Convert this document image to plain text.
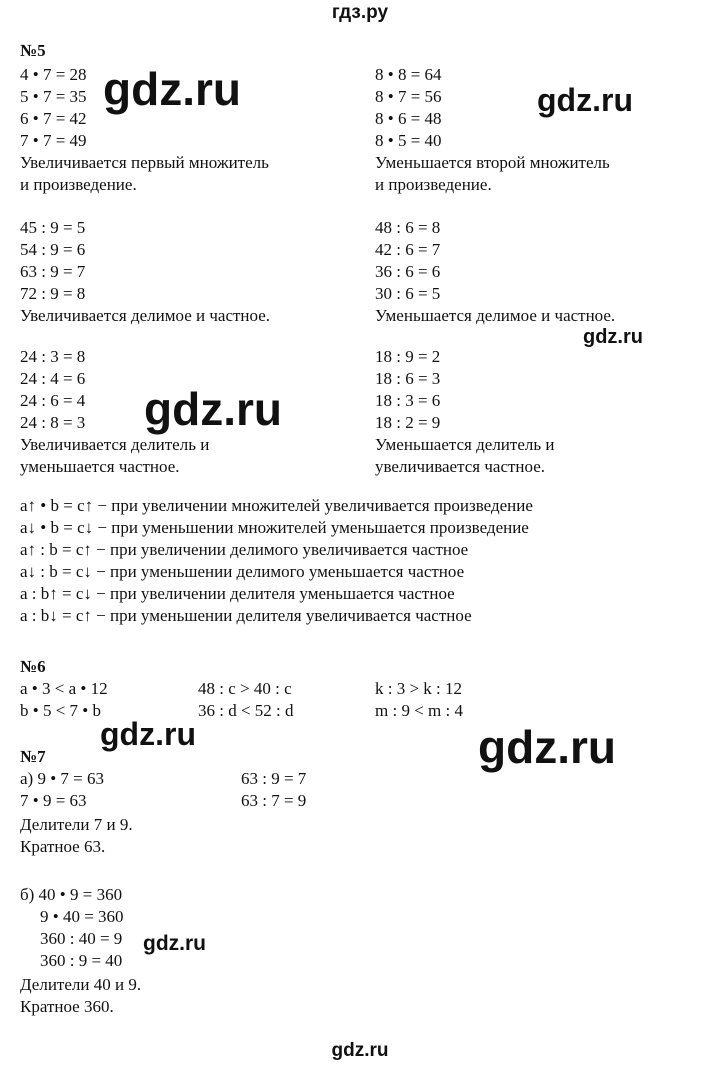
гдз.ру
№5
4 • 7 = 28
5 • 7 = 35
6 • 7 = 42
7 • 7 = 49
Увеличивается первый множитель
и произведение.
8 • 8 = 64
8 • 7 = 56
8 • 6 = 48
8 • 5 = 40
Уменьшается второй множитель
и произведение.
45 : 9 = 5
54 : 9 = 6
63 : 9 = 7
72 : 9 = 8
Увеличивается делимое и частное.
48 : 6 = 8
42 : 6 = 7
36 : 6 = 6
30 : 6 = 5
Уменьшается делимое и частное.
24 : 3 = 8
24 : 4 = 6
24 : 6 = 4
24 : 8 = 3
Увеличивается делитель и
уменьшается частное.
18 : 9 = 2
18 : 6 = 3
18 : 3 = 6
18 : 2 = 9
Уменьшается делитель и
увеличивается частное.
a↑ • b = c↑ − при увеличении множителей увеличивается произведение
a↓ • b = c↓ − при уменьшении множителей уменьшается произведение
a↑ : b = c↑ − при увеличении делимого увеличивается частное
a↓ : b = c↓ − при уменьшении делимого уменьшается частное
a : b↑ = c↓ − при увеличении делителя уменьшается частное
a : b↓ = c↑ − при уменьшении делителя увеличивается частное
№6
a • 3 < a • 12
b • 5 < 7 • b
48 : c > 40 : c
36 : d < 52 : d
k : 3 > k : 12
m : 9 < m : 4
№7
а) 9 • 7 = 63
7 • 9 = 63
63 : 9 = 7
63 : 7 = 9
Делители 7 и 9.
Кратное 63.
б) 40 • 9 = 360
9 • 40 = 360
360 : 40 = 9
360 : 9 = 40
Делители 40 и 9.
Кратное 360.
gdz.ru	gdz.ru
gdz.ru
gdz.ru
gdz.ru	gdz.ru
gdz.ru
gdz.ru
